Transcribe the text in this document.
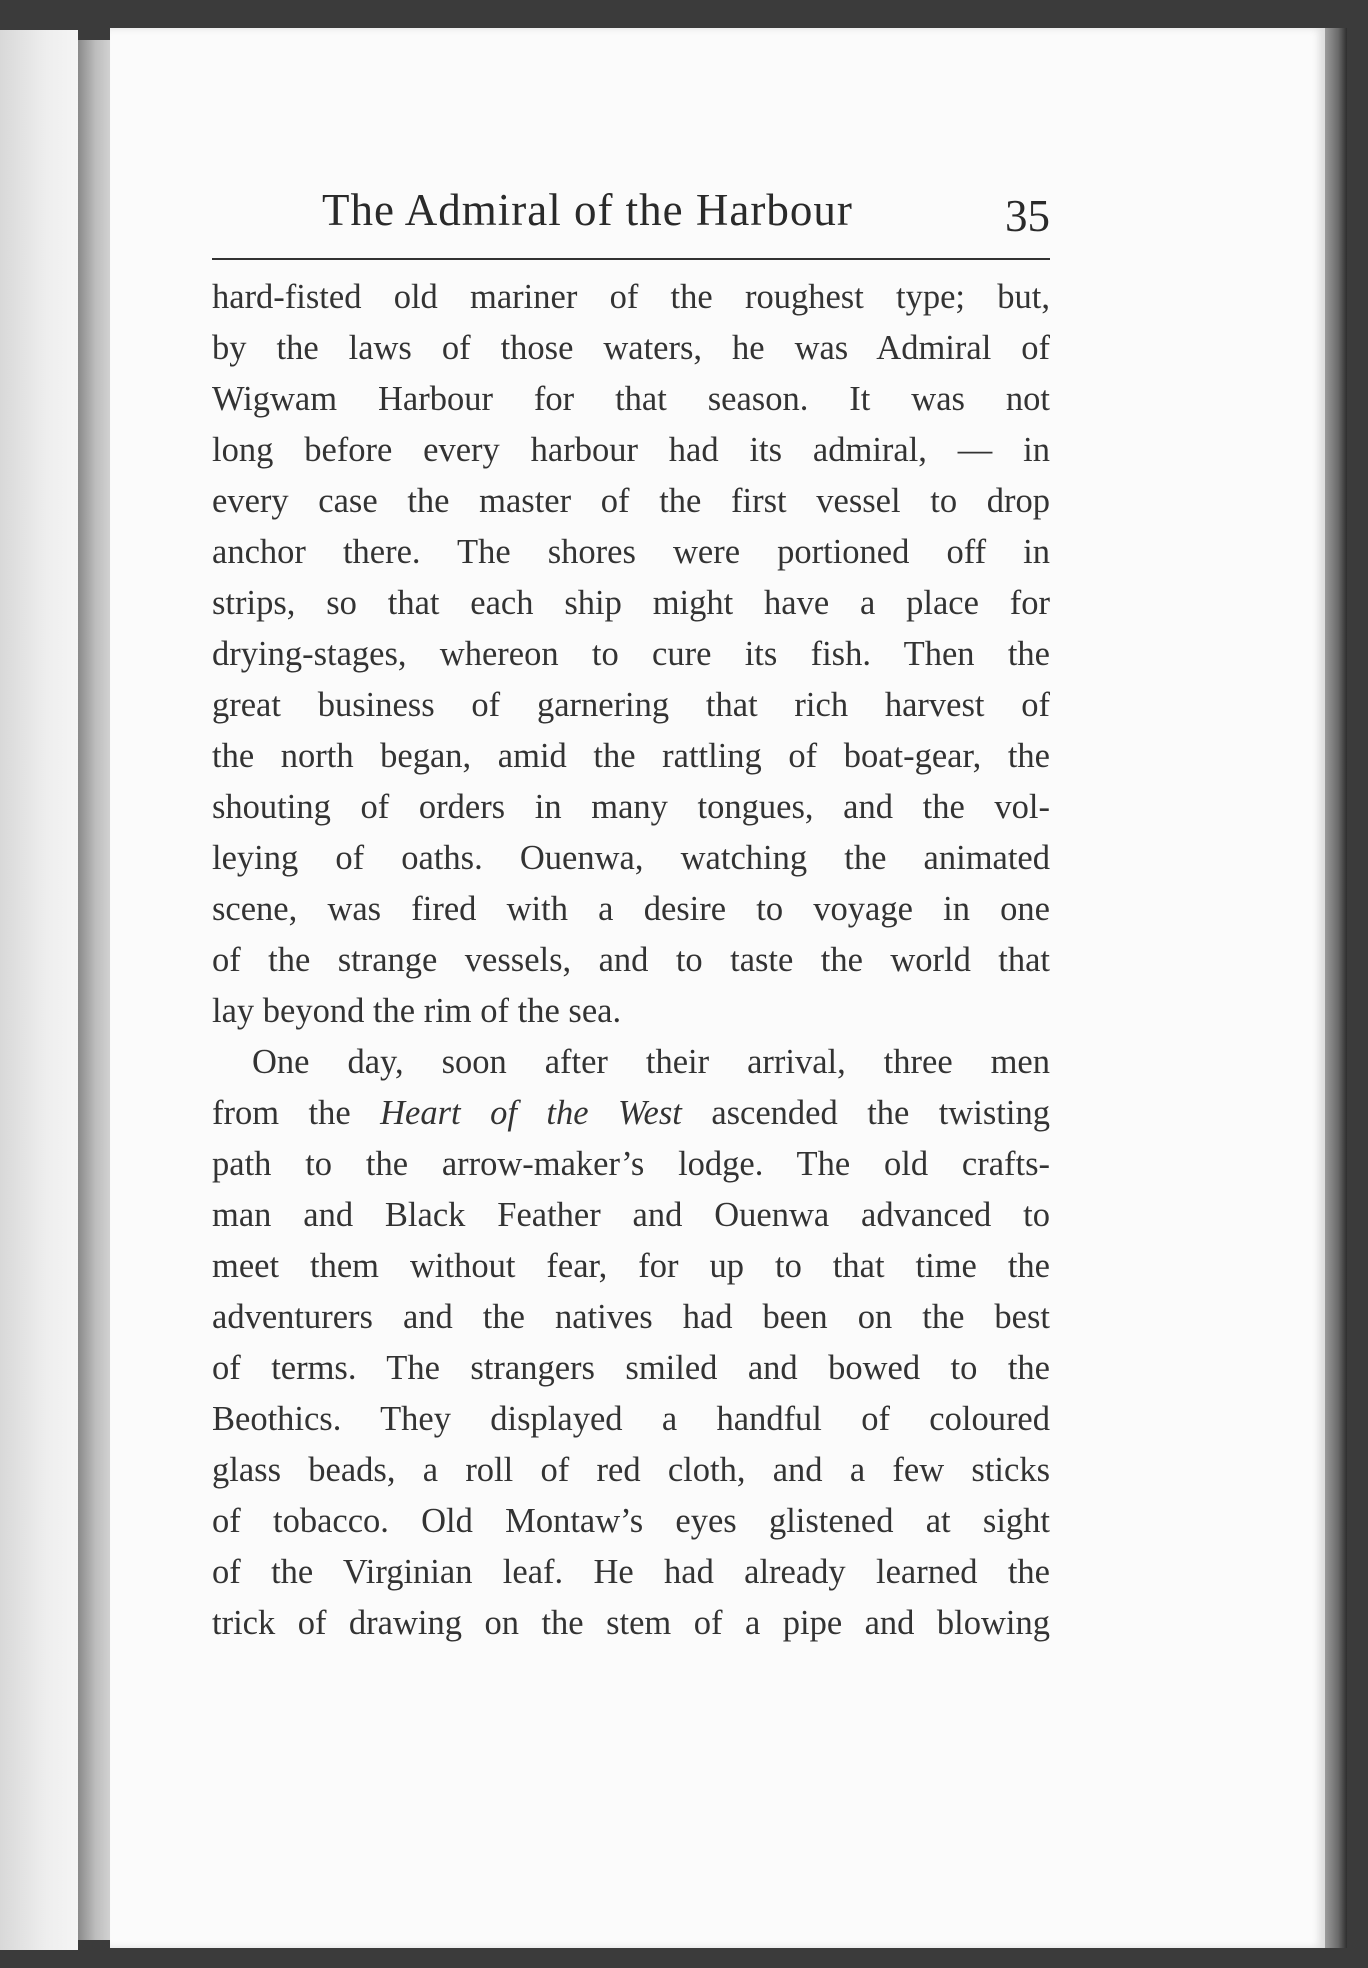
The Admiral of the Harbour	35
hard-fisted old mariner of the roughest type; but,
by the laws of those waters, he was Admiral of
Wigwam Harbour for that season. It was not
long before every harbour had its admiral, — in
every case the master of the first vessel to drop
anchor there. The shores were portioned off in
strips, so that each ship might have a place for
drying-stages, whereon to cure its fish. Then the
great business of garnering that rich harvest of
the north began, amid the rattling of boat-gear, the
shouting of orders in many tongues, and the vol-
leying of oaths. Ouenwa, watching the animated
scene, was fired with a desire to voyage in one
of the strange vessels, and to taste the world that
lay beyond the rim of the sea.
One day, soon after their arrival, three men
from the Heart of the West ascended the twisting
path to the arrow-maker’s lodge. The old crafts-
man and Black Feather and Ouenwa advanced to
meet them without fear, for up to that time the
adventurers and the natives had been on the best
of terms. The strangers smiled and bowed to the
Beothics. They displayed a handful of coloured
glass beads, a roll of red cloth, and a few sticks
of tobacco. Old Montaw’s eyes glistened at sight
of the Virginian leaf. He had already learned the
trick of drawing on the stem of a pipe and blowing
